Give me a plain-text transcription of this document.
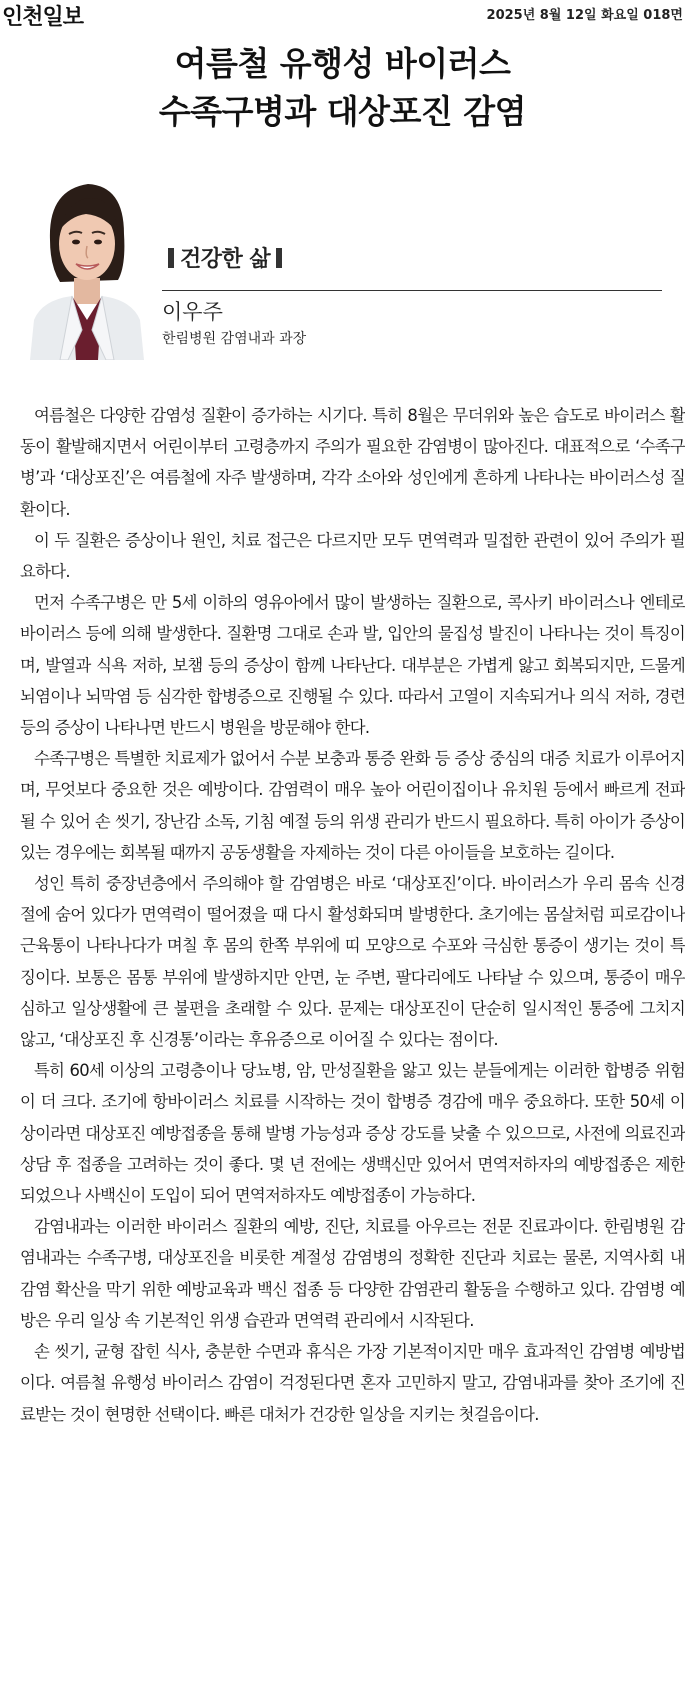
인천일보	2025년 8월 12일 화요일 018면
여름철 유행성 바이러스
수족구병과 대상포진 감염
건강한 삶
이우주
한림병원 감염내과 과장

여름철은 다양한 감염성 질환이 증가하는 시기다. 특히 8월은 무더위와 높은 습도로 바이러스 활동이 활발해지면서 어린이부터 고령층까지 주의가 필요한 감염병이 많아진다. 대표적으로 ‘수족구병’과 ‘대상포진’은 여름철에 자주 발생하며, 각각 소아와 성인에게 흔하게 나타나는 바이러스성 질환이다.

이 두 질환은 증상이나 원인, 치료 접근은 다르지만 모두 면역력과 밀접한 관련이 있어 주의가 필요하다.

먼저 수족구병은 만 5세 이하의 영유아에서 많이 발생하는 질환으로, 콕사키 바이러스나 엔테로바이러스 등에 의해 발생한다. 질환명 그대로 손과 발, 입안의 물집성 발진이 나타나는 것이 특징이며, 발열과 식욕 저하, 보챔 등의 증상이 함께 나타난다. 대부분은 가볍게 앓고 회복되지만, 드물게 뇌염이나 뇌막염 등 심각한 합병증으로 진행될 수 있다. 따라서 고열이 지속되거나 의식 저하, 경련 등의 증상이 나타나면 반드시 병원을 방문해야 한다.

수족구병은 특별한 치료제가 없어서 수분 보충과 통증 완화 등 증상 중심의 대증 치료가 이루어지며, 무엇보다 중요한 것은 예방이다. 감염력이 매우 높아 어린이집이나 유치원 등에서 빠르게 전파될 수 있어 손 씻기, 장난감 소독, 기침 예절 등의 위생 관리가 반드시 필요하다. 특히 아이가 증상이 있는 경우에는 회복될 때까지 공동생활을 자제하는 것이 다른 아이들을 보호하는 길이다.

성인 특히 중장년층에서 주의해야 할 감염병은 바로 ‘대상포진’이다. 바이러스가 우리 몸속 신경절에 숨어 있다가 면역력이 떨어졌을 때 다시 활성화되며 발병한다. 초기에는 몸살처럼 피로감이나 근육통이 나타나다가 며칠 후 몸의 한쪽 부위에 띠 모양으로 수포와 극심한 통증이 생기는 것이 특징이다. 보통은 몸통 부위에 발생하지만 안면, 눈 주변, 팔다리에도 나타날 수 있으며, 통증이 매우 심하고 일상생활에 큰 불편을 초래할 수 있다. 문제는 대상포진이 단순히 일시적인 통증에 그치지 않고, ‘대상포진 후 신경통’이라는 후유증으로 이어질 수 있다는 점이다.

특히 60세 이상의 고령층이나 당뇨병, 암, 만성질환을 앓고 있는 분들에게는 이러한 합병증 위험이 더 크다. 조기에 항바이러스 치료를 시작하는 것이 합병증 경감에 매우 중요하다. 또한 50세 이상이라면 대상포진 예방접종을 통해 발병 가능성과 증상 강도를 낮출 수 있으므로, 사전에 의료진과 상담 후 접종을 고려하는 것이 좋다. 몇 년 전에는 생백신만 있어서 면역저하자의 예방접종은 제한되었으나 사백신이 도입이 되어 면역저하자도 예방접종이 가능하다.

감염내과는 이러한 바이러스 질환의 예방, 진단, 치료를 아우르는 전문 진료과이다. 한림병원 감염내과는 수족구병, 대상포진을 비롯한 계절성 감염병의 정확한 진단과 치료는 물론, 지역사회 내 감염 확산을 막기 위한 예방교육과 백신 접종 등 다양한 감염관리 활동을 수행하고 있다. 감염병 예방은 우리 일상 속 기본적인 위생 습관과 면역력 관리에서 시작된다.

손 씻기, 균형 잡힌 식사, 충분한 수면과 휴식은 가장 기본적이지만 매우 효과적인 감염병 예방법이다. 여름철 유행성 바이러스 감염이 걱정된다면 혼자 고민하지 말고, 감염내과를 찾아 조기에 진료받는 것이 현명한 선택이다. 빠른 대처가 건강한 일상을 지키는 첫걸음이다.
